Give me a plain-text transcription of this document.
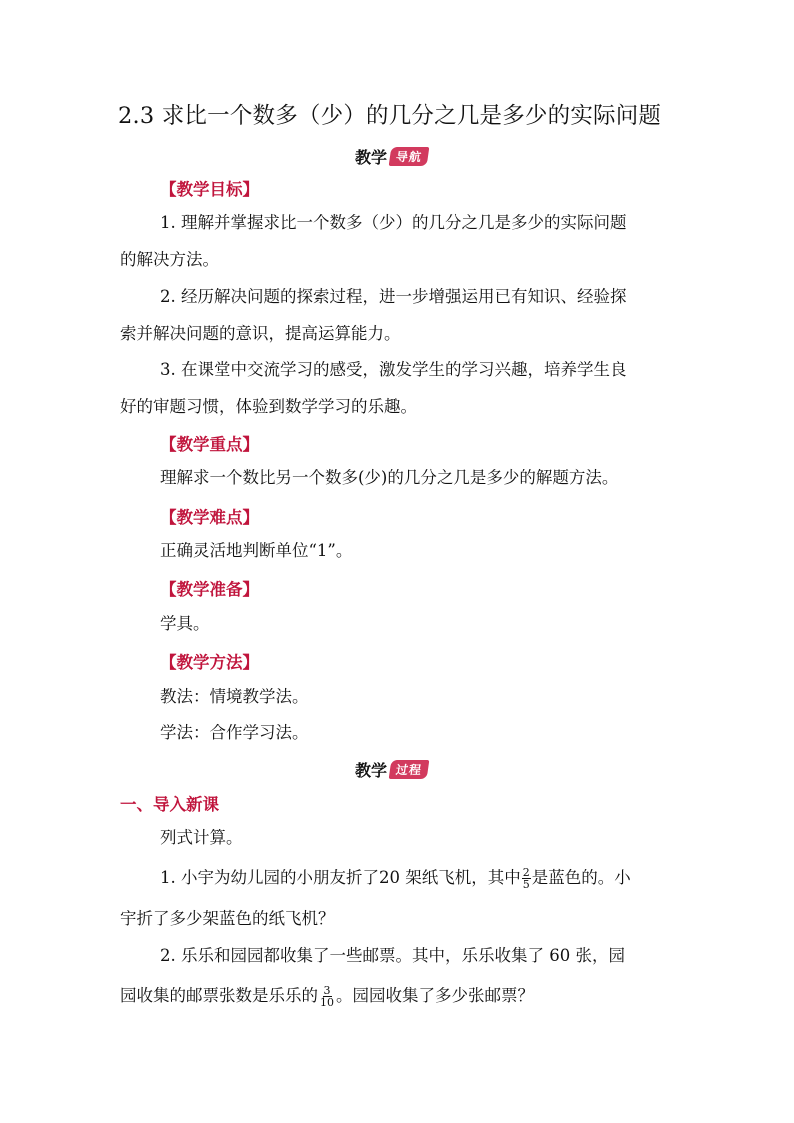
2.3 求比一个数多（少）的几分之几是多少的实际问题
教学 导航
【教学目标】
1. 理解并掌握求比一个数多（少）的几分之几是多少的实际问题
的解决方法。
2. 经历解决问题的探索过程，进一步增强运用已有知识、经验探
索并解决问题的意识，提高运算能力。
3. 在课堂中交流学习的感受，激发学生的学习兴趣，培养学生良
好的审题习惯，体验到数学学习的乐趣。
【教学重点】
理解求一个数比另一个数多(少)的几分之几是多少的解题方法。
【教学难点】
正确灵活地判断单位“1”。
【教学准备】
学具。
【教学方法】
教法：情境教学法。
学法：合作学习法。
教学 过程
一、导入新课
列式计算。
1. 小宇为幼儿园的小朋友折了20 架纸飞机，其中 $\frac{2}{5}$ 是蓝色的。小
宇折了多少架蓝色的纸飞机？
2. 乐乐和园园都收集了一些邮票。其中，乐乐收集了 60 张，园
园收集的邮票张数是乐乐的 $\frac{3}{10}$ 。园园收集了多少张邮票？
